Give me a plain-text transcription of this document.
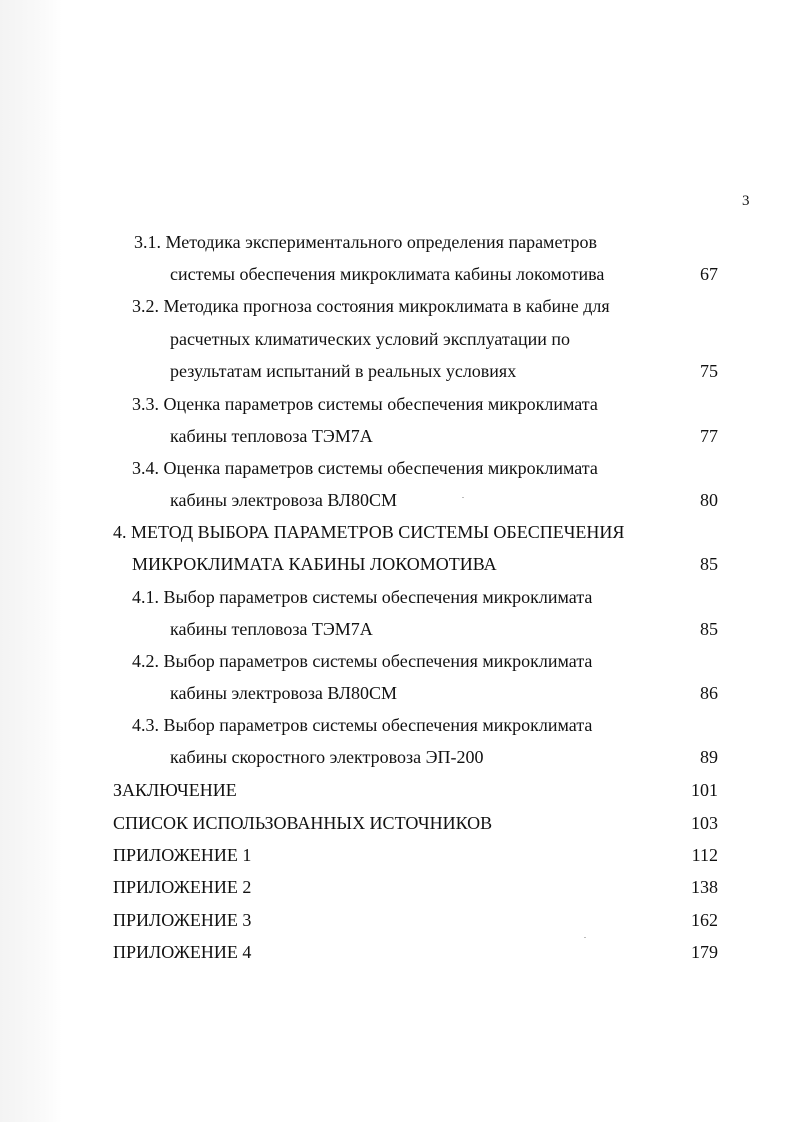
3
3.1. Методика экспериментального определения параметров
системы обеспечения микроклимата кабины локомотива	67
3.2. Методика прогноза состояния микроклимата в кабине для
расчетных климатических условий эксплуатации по
результатам испытаний в реальных условиях	75
3.3. Оценка параметров системы обеспечения микроклимата
кабины тепловоза ТЭМ7А	77
3.4. Оценка параметров системы обеспечения микроклимата
кабины электровоза ВЛ80СМ	80
4. МЕТОД ВЫБОРА ПАРАМЕТРОВ СИСТЕМЫ ОБЕСПЕЧЕНИЯ
МИКРОКЛИМАТА КАБИНЫ ЛОКОМОТИВА	85
4.1. Выбор параметров системы обеспечения микроклимата
кабины тепловоза ТЭМ7А	85
4.2. Выбор параметров системы обеспечения микроклимата
кабины электровоза ВЛ80СМ	86
4.3. Выбор параметров системы обеспечения микроклимата
кабины скоростного электровоза ЭП-200	89
ЗАКЛЮЧЕНИЕ	101
СПИСОК ИСПОЛЬЗОВАННЫХ ИСТОЧНИКОВ	103
ПРИЛОЖЕНИЕ 1	112
ПРИЛОЖЕНИЕ 2	138
ПРИЛОЖЕНИЕ 3	162
ПРИЛОЖЕНИЕ 4	179
